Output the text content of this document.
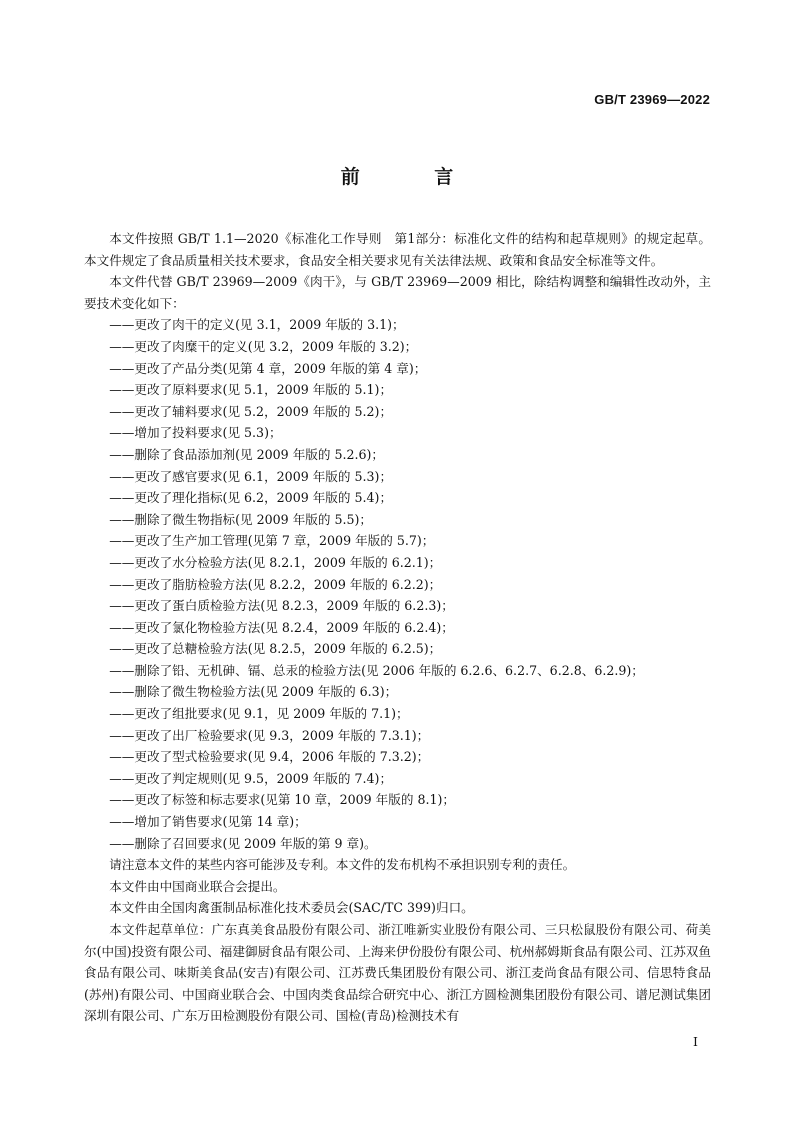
GB/T 23969—2022
前 言

本文件按照 GB/T 1.1—2020《标准化工作导则　第1部分：标准化文件的结构和起草规则》的规定起草。本文件规定了食品质量相关技术要求，食品安全相关要求见有关法律法规、政策和食品安全标准等文件。

本文件代替 GB/T 23969—2009《肉干》，与 GB/T 23969—2009 相比，除结构调整和编辑性改动外，主要技术变化如下：

——更改了肉干的定义(见 3.1，2009 年版的 3.1)；

——更改了肉糜干的定义(见 3.2，2009 年版的 3.2)；

——更改了产品分类(见第 4 章，2009 年版的第 4 章)；

——更改了原料要求(见 5.1，2009 年版的 5.1)；

——更改了辅料要求(见 5.2，2009 年版的 5.2)；

——增加了投料要求(见 5.3)；

——删除了食品添加剂(见 2009 年版的 5.2.6)；

——更改了感官要求(见 6.1，2009 年版的 5.3)；

——更改了理化指标(见 6.2，2009 年版的 5.4)；

——删除了微生物指标(见 2009 年版的 5.5)；

——更改了生产加工管理(见第 7 章，2009 年版的 5.7)；

——更改了水分检验方法(见 8.2.1，2009 年版的 6.2.1)；

——更改了脂肪检验方法(见 8.2.2，2009 年版的 6.2.2)；

——更改了蛋白质检验方法(见 8.2.3，2009 年版的 6.2.3)；

——更改了氯化物检验方法(见 8.2.4，2009 年版的 6.2.4)；

——更改了总糖检验方法(见 8.2.5，2009 年版的 6.2.5)；

——删除了铅、无机砷、镉、总汞的检验方法(见 2006 年版的 6.2.6、6.2.7、6.2.8、6.2.9)；

——删除了微生物检验方法(见 2009 年版的 6.3)；

——更改了组批要求(见 9.1，见 2009 年版的 7.1)；

——更改了出厂检验要求(见 9.3，2009 年版的 7.3.1)；

——更改了型式检验要求(见 9.4，2006 年版的 7.3.2)；

——更改了判定规则(见 9.5，2009 年版的 7.4)；

——更改了标签和标志要求(见第 10 章，2009 年版的 8.1)；

——增加了销售要求(见第 14 章)；

——删除了召回要求(见 2009 年版的第 9 章)。

请注意本文件的某些内容可能涉及专利。本文件的发布机构不承担识别专利的责任。

本文件由中国商业联合会提出。

本文件由全国肉禽蛋制品标准化技术委员会(SAC/TC 399)归口。

本文件起草单位：广东真美食品股份有限公司、浙江唯新实业股份有限公司、三只松鼠股份有限公司、荷美尔(中国)投资有限公司、福建御厨食品有限公司、上海来伊份股份有限公司、杭州郝姆斯食品有限公司、江苏双鱼食品有限公司、味斯美食品(安吉)有限公司、江苏费氏集团股份有限公司、浙江麦尚食品有限公司、信思特食品(苏州)有限公司、中国商业联合会、中国肉类食品综合研究中心、浙江方圆检测集团股份有限公司、谱尼测试集团深圳有限公司、广东万田检测股份有限公司、国检(青岛)检测技术有

I
